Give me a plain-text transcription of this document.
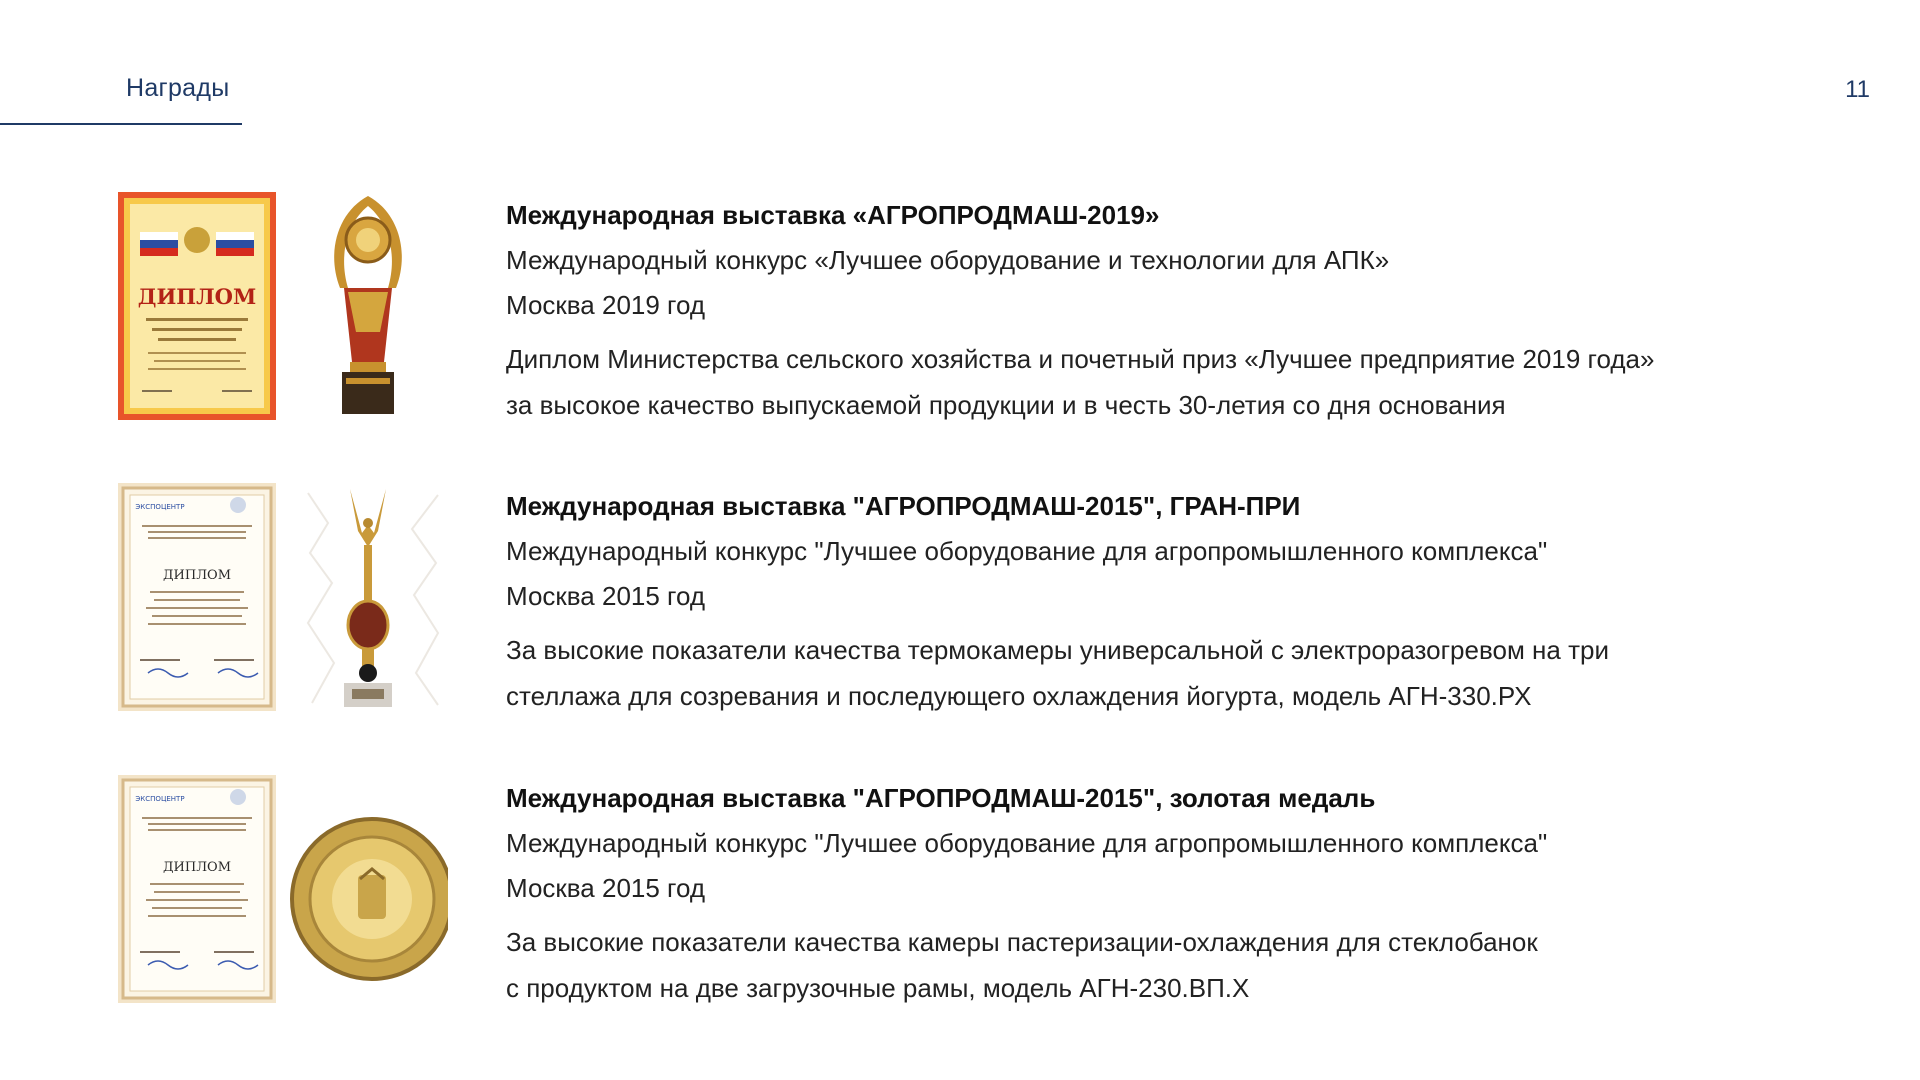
Награды	11
ДИПЛОМ
Международная выставка «АГРОПРОДМАШ-2019»
Международный конкурс «Лучшее оборудование и технологии для АПК»
Москва 2019 год
Диплом Министерства сельского хозяйства и почетный приз «Лучшее предприятие 2019 года»
за высокое качество выпускаемой продукции и в честь 30-летия со дня основания
ЭКСПОЦЕНТР
ДИПЛОМ
Международная выставка "АГРОПРОДМАШ-2015", ГРАН-ПРИ
Международный конкурс "Лучшее оборудование для агропромышленного комплекса"
Москва 2015 год
За высокие показатели качества термокамеры универсальной с электроразогревом на три
стеллажа для созревания и последующего охлаждения йогурта, модель АГН-330.РХ
ЭКСПОЦЕНТР
ДИПЛОМ
Международная выставка "АГРОПРОДМАШ-2015", золотая медаль
Международный конкурс "Лучшее оборудование для агропромышленного комплекса"
Москва 2015 год
За высокие показатели качества камеры пастеризации-охлаждения для стеклобанок
с продуктом на две загрузочные рамы, модель АГН-230.ВП.Х
